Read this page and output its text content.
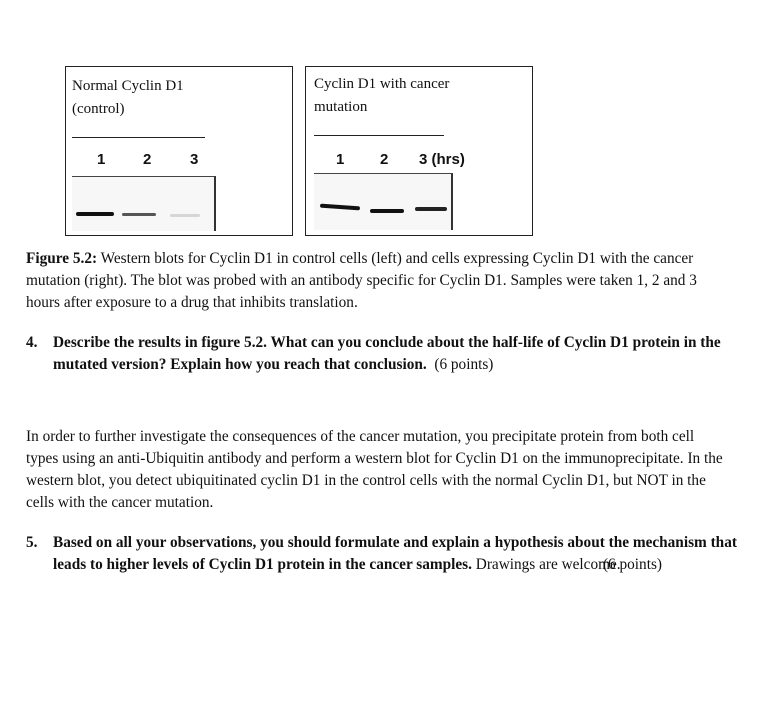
Normal Cyclin D1
(control)
1	2	3
Cyclin D1 with cancer
mutation
1 2 3 (hrs)
Figure 5.2: Western blots for Cyclin D1 in control cells (left) and cells expressing Cyclin D1 with the cancer mutation (right). The blot was probed with an antibody specific for Cyclin D1. Samples were taken 1, 2 and 3 hours after exposure to a drug that inhibits translation.
4. Describe the results in figure 5.2. What can you conclude about the half-life of Cyclin D1 protein in the mutated version? Explain how you reach that conclusion. (6 points)
In order to further investigate the consequences of the cancer mutation, you precipitate protein from both cell types using an anti-Ubiquitin antibody and perform a western blot for Cyclin D1 on the immunoprecipitate. In the western blot, you detect ubiquitinated cyclin D1 in the control cells with the normal Cyclin D1, but NOT in the cells with the cancer mutation.
5. Based on all your observations, you should formulate and explain a hypothesis about the mechanism that leads to higher levels of Cyclin D1 protein in the cancer samples. Drawings are welcome.
(6 points)
